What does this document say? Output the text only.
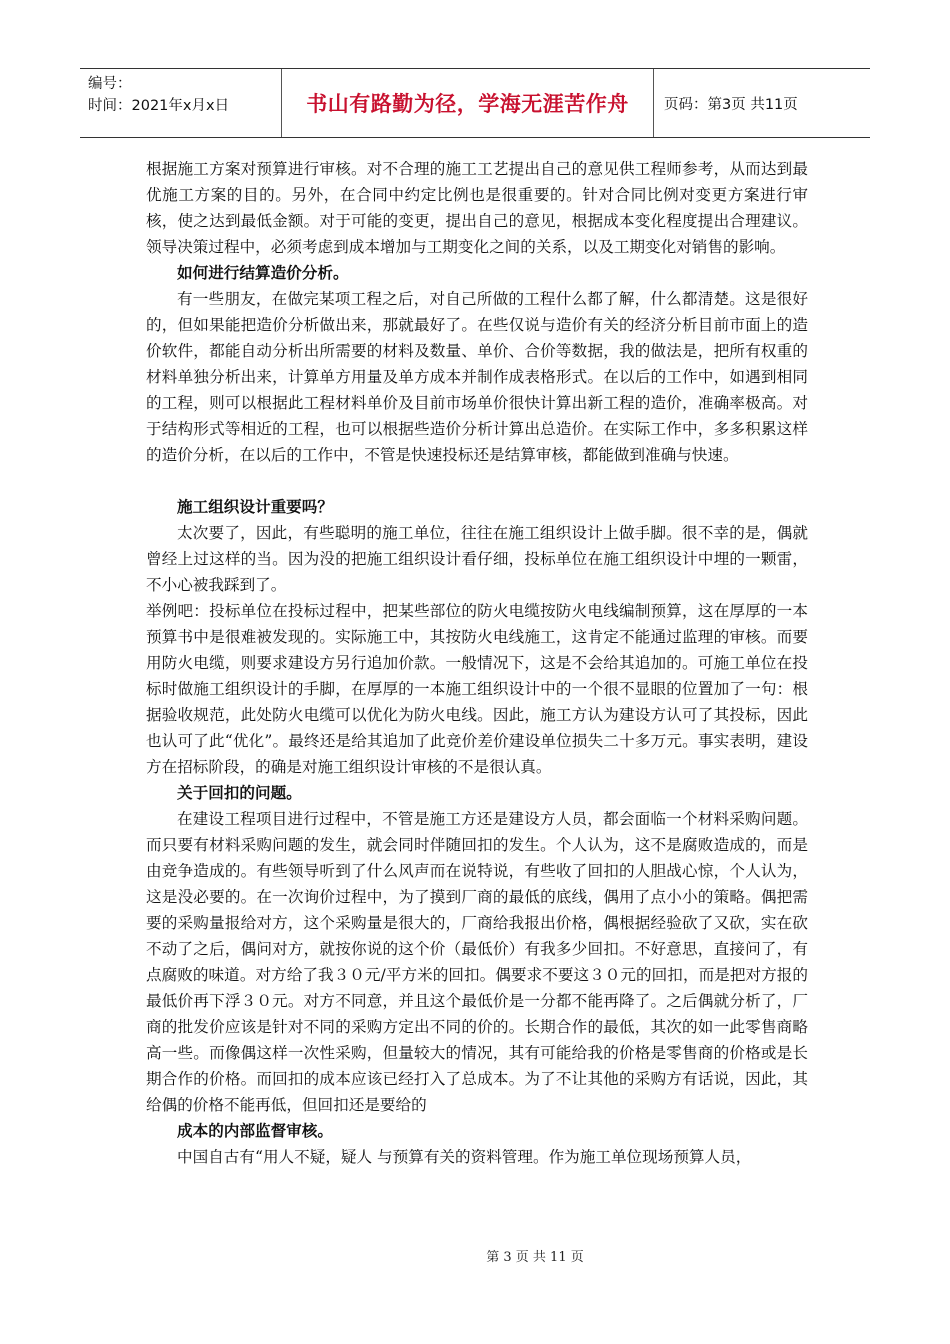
编号：
时间：2021年x月x日	书山有路勤为径，学海无涯苦作舟	页码：第3页 共11页

根据施工方案对预算进行审核。对不合理的施工工艺提出自己的意见供工程师参考，从而达到最优施工方案的目的。另外，在合同中约定比例也是很重要的。针对合同比例对变更方案进行审核，使之达到最低金额。对于可能的变更，提出自己的意见，根据成本变化程度提出合理建议。领导决策过程中，必须考虑到成本增加与工期变化之间的关系，以及工期变化对销售的影响。

如何进行结算造价分析。

有一些朋友，在做完某项工程之后，对自己所做的工程什么都了解，什么都清楚。这是很好的，但如果能把造价分析做出来，那就最好了。在些仅说与造价有关的经济分析目前市面上的造价软件，都能自动分析出所需要的材料及数量、单价、合价等数据，我的做法是，把所有权重的材料单独分析出来，计算单方用量及单方成本并制作成表格形式。在以后的工作中，如遇到相同的工程，则可以根据此工程材料单价及目前市场单价很快计算出新工程的造价，准确率极高。对于结构形式等相近的工程，也可以根据些造价分析计算出总造价。在实际工作中，多多积累这样的造价分析，在以后的工作中，不管是快速投标还是结算审核，都能做到准确与快速。

施工组织设计重要吗？

太次要了，因此，有些聪明的施工单位，往往在施工组织设计上做手脚。很不幸的是，偶就曾经上过这样的当。因为没的把施工组织设计看仔细，投标单位在施工组织设计中埋的一颗雷，不小心被我踩到了。

举例吧：投标单位在投标过程中，把某些部位的防火电缆按防火电线编制预算，这在厚厚的一本预算书中是很难被发现的。实际施工中，其按防火电线施工，这肯定不能通过监理的审核。而要用防火电缆，则要求建设方另行追加价款。一般情况下，这是不会给其追加的。可施工单位在投标时做施工组织设计的手脚，在厚厚的一本施工组织设计中的一个很不显眼的位置加了一句：根据验收规范，此处防火电缆可以优化为防火电线。因此，施工方认为建设方认可了其投标，因此也认可了此“优化”。最终还是给其追加了此竞价差价建设单位损失二十多万元。事实表明，建设方在招标阶段，的确是对施工组织设计审核的不是很认真。

关于回扣的问题。

在建设工程项目进行过程中，不管是施工方还是建设方人员，都会面临一个材料采购问题。而只要有材料采购问题的发生，就会同时伴随回扣的发生。个人认为，这不是腐败造成的，而是由竞争造成的。有些领导听到了什么风声而在说特说，有些收了回扣的人胆战心惊，个人认为，这是没必要的。在一次询价过程中，为了摸到厂商的最低的底线，偶用了点小小的策略。偶把需要的采购量报给对方，这个采购量是很大的，厂商给我报出价格，偶根据经验砍了又砍，实在砍不动了之后，偶问对方，就按你说的这个价（最低价）有我多少回扣。不好意思，直接问了，有点腐败的味道。对方给了我３０元/平方米的回扣。偶要求不要这３０元的回扣，而是把对方报的最低价再下浮３０元。对方不同意，并且这个最低价是一分都不能再降了。之后偶就分析了，厂商的批发价应该是针对不同的采购方定出不同的价的。长期合作的最低，其次的如一此零售商略高一些。而像偶这样一次性采购，但量较大的情况，其有可能给我的价格是零售商的价格或是长期合作的价格。而回扣的成本应该已经打入了总成本。为了不让其他的采购方有话说，因此，其给偶的价格不能再低，但回扣还是要给的

成本的内部监督审核。

中国自古有“用人不疑，疑人 与预算有关的资料管理。作为施工单位现场预算人员，

第 3 页 共 11 页
